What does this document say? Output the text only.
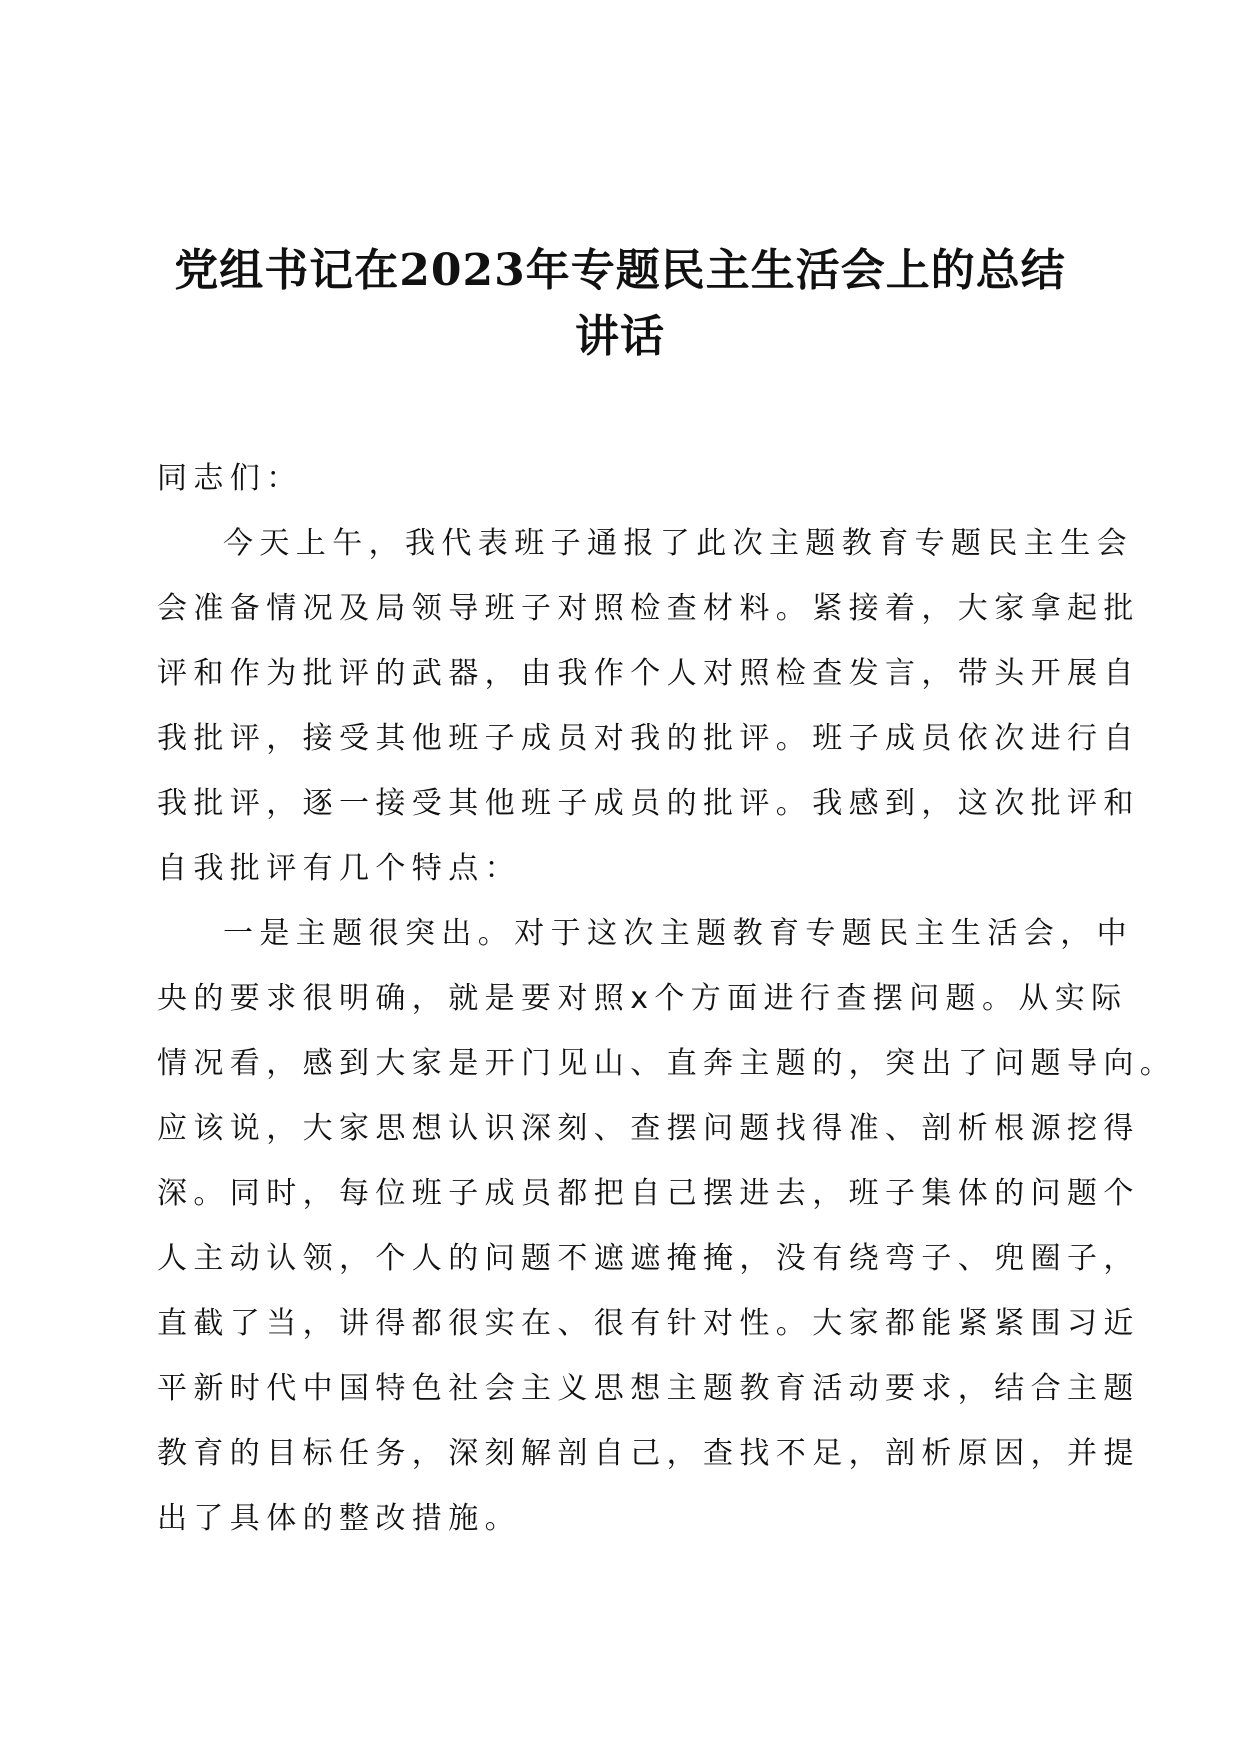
党组书记在2023年专题民主生活会上的总结
讲话
同志们：
今天上午，我代表班子通报了此次主题教育专题民主生会
会准备情况及局领导班子对照检查材料。紧接着，大家拿起批
评和作为批评的武器，由我作个人对照检查发言，带头开展自
我批评，接受其他班子成员对我的批评。班子成员依次进行自
我批评，逐一接受其他班子成员的批评。我感到，这次批评和
自我批评有几个特点：
一是主题很突出。对于这次主题教育专题民主生活会，中
央的要求很明确，就是要对照x个方面进行查摆问题。从实际
情况看，感到大家是开门见山、直奔主题的，突出了问题导向。
应该说，大家思想认识深刻、查摆问题找得准、剖析根源挖得
深。同时，每位班子成员都把自己摆进去，班子集体的问题个
人主动认领，个人的问题不遮遮掩掩，没有绕弯子、兜圈子，
直截了当，讲得都很实在、很有针对性。大家都能紧紧围习近
平新时代中国特色社会主义思想主题教育活动要求，结合主题
教育的目标任务，深刻解剖自己，查找不足，剖析原因，并提
出了具体的整改措施。
